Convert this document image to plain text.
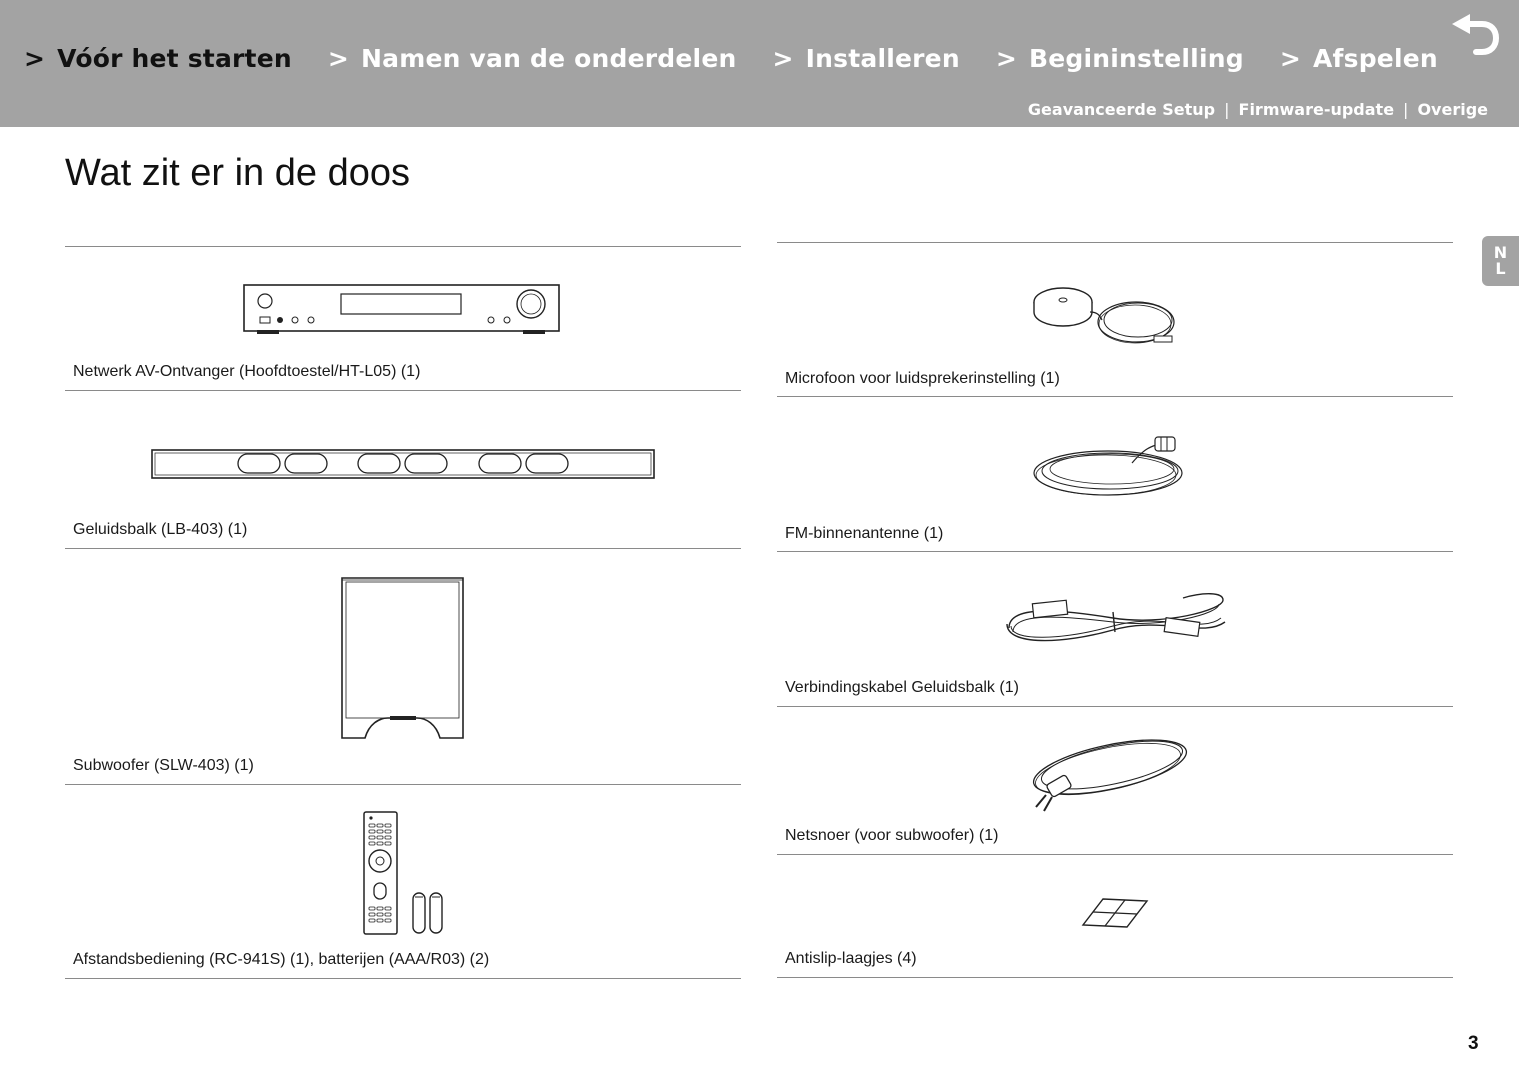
> Vóór het starten > Namen van de onderdelen > Installeren > Begininstelling > Afspelen
Geavanceerde Setup | Firmware-update | Overige
Wat zit er in de doos
N
L
Netwerk AV-Ontvanger (Hoofdtoestel/HT-L05) (1)
Geluidsbalk (LB-403) (1)
Subwoofer (SLW-403) (1)
Afstandsbediening (RC-941S) (1), batterijen (AAA/R03) (2)
Microfoon voor luidsprekerinstelling (1)
FM-binnenantenne (1)
Verbindingskabel Geluidsbalk (1)
Netsnoer (voor subwoofer) (1)
Antislip-laagjes (4)
3
